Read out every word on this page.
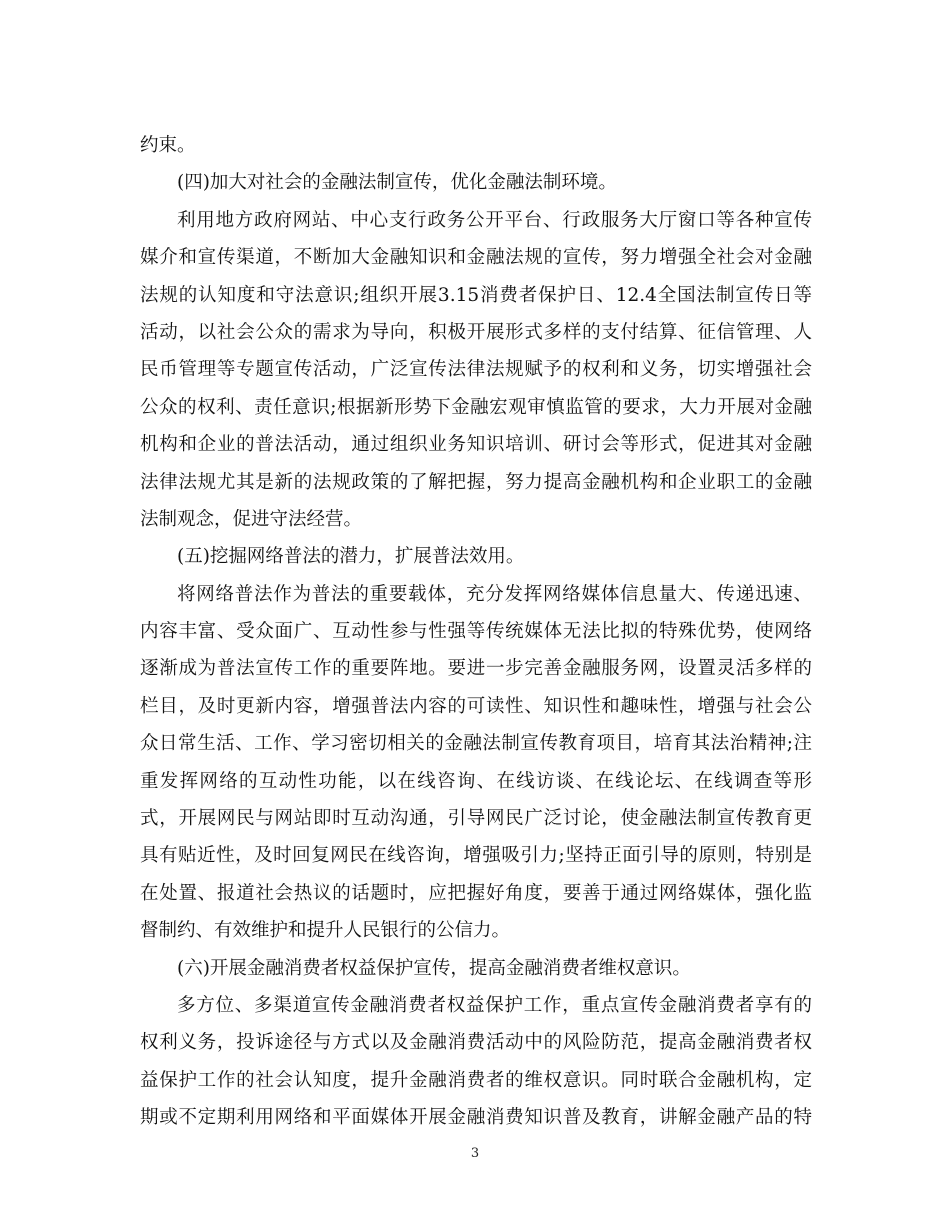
约束。
(四)加大对社会的金融法制宣传，优化金融法制环境。
利用地方政府网站、中心支行政务公开平台、行政服务大厅窗口等各种宣传
媒介和宣传渠道，不断加大金融知识和金融法规的宣传，努力增强全社会对金融
法规的认知度和守法意识;组织开展3.15消费者保护日、12.4全国法制宣传日等
活动，以社会公众的需求为导向，积极开展形式多样的支付结算、征信管理、人
民币管理等专题宣传活动，广泛宣传法律法规赋予的权利和义务，切实增强社会
公众的权利、责任意识;根据新形势下金融宏观审慎监管的要求，大力开展对金融
机构和企业的普法活动，通过组织业务知识培训、研讨会等形式，促进其对金融
法律法规尤其是新的法规政策的了解把握，努力提高金融机构和企业职工的金融
法制观念，促进守法经营。
(五)挖掘网络普法的潜力，扩展普法效用。
将网络普法作为普法的重要载体，充分发挥网络媒体信息量大、传递迅速、
内容丰富、受众面广、互动性参与性强等传统媒体无法比拟的特殊优势，使网络
逐渐成为普法宣传工作的重要阵地。要进一步完善金融服务网，设置灵活多样的
栏目，及时更新内容，增强普法内容的可读性、知识性和趣味性，增强与社会公
众日常生活、工作、学习密切相关的金融法制宣传教育项目，培育其法治精神;注
重发挥网络的互动性功能，以在线咨询、在线访谈、在线论坛、在线调查等形
式，开展网民与网站即时互动沟通，引导网民广泛讨论，使金融法制宣传教育更
具有贴近性，及时回复网民在线咨询，增强吸引力;坚持正面引导的原则，特别是
在处置、报道社会热议的话题时，应把握好角度，要善于通过网络媒体，强化监
督制约、有效维护和提升人民银行的公信力。
(六)开展金融消费者权益保护宣传，提高金融消费者维权意识。
多方位、多渠道宣传金融消费者权益保护工作，重点宣传金融消费者享有的
权利义务，投诉途径与方式以及金融消费活动中的风险防范，提高金融消费者权
益保护工作的社会认知度，提升金融消费者的维权意识。同时联合金融机构，定
期或不定期利用网络和平面媒体开展金融消费知识普及教育，讲解金融产品的特
3
